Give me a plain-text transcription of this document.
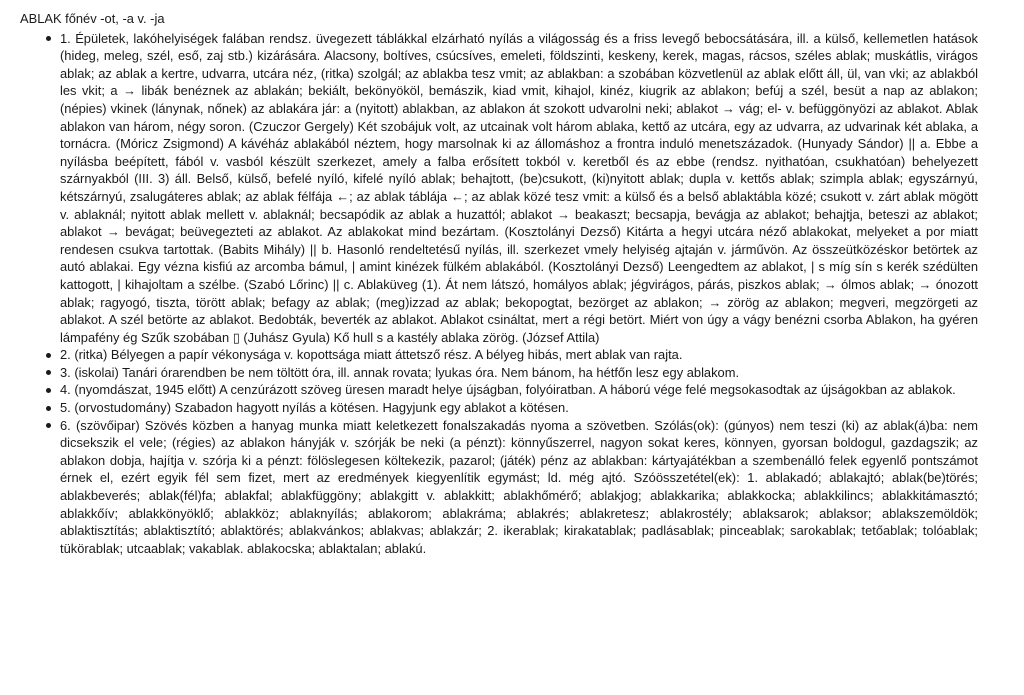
ABLAK főnév -ot, -a v. -ja
1. Épületek, lakóhelyiségek falában rendsz. üvegezett táblákkal elzárható nyílás a világosság és a friss levegő bebocsátására, ill. a külső, kellemetlen hatások (hideg, meleg, szél, eső, zaj stb.) kizárására. Alacsony, boltíves, csúcsíves, emeleti, földszinti, keskeny, kerek, magas, rácsos, széles ablak; muskátlis, virágos ablak; az ablak a kertre, udvarra, utcára néz, (ritka) szolgál; az ablakba tesz vmit; az ablakban: a szobában közvetlenül az ablak előtt áll, ül, van vki; az ablakból les vkit; a → libák benéznek az ablakán; bekiált, bekönyököl, bemászik, kiad vmit, kihajol, kinéz, kiugrik az ablakon; befúj a szél, besüt a nap az ablakon; (népies) vkinek (lánynak, nőnek) az ablakára jár: a (nyitott) ablakban, az ablakon át szokott udvarolni neki; ablakot → vág; el- v. befüggönyözi az ablakot. Ablak ablakon van három, négy soron. (Czuczor Gergely) Két szobájuk volt, az utcainak volt három ablaka, kettő az utcára, egy az udvarra, az udvarinak két ablaka, a tornácra. (Móricz Zsigmond) A kávéház ablakából néztem, hogy marsolnak ki az állomáshoz a frontra induló menetszázadok. (Hunyady Sándor) || a. Ebbe a nyílásba beépített, fából v. vasból készült szerkezet, amely a falba erősített tokból v. keretből és az ebbe (rendsz. nyithatóan, csukhatóan) behelyezett szárnyakból (III. 3) áll. Belső, külső, befelé nyíló, kifelé nyíló ablak; behajtott, (be)csukott, (ki)nyitott ablak; dupla v. kettős ablak; szimpla ablak; egyszárnyú, kétszárnyú, zsalugáteres ablak; az ablak félfája ←; az ablak táblája ←; az ablak közé tesz vmit: a külső és a belső ablaktábla közé; csukott v. zárt ablak mögött v. ablaknál; nyitott ablak mellett v. ablaknál; becsapódik az ablak a huzattól; ablakot → beakaszt; becsapja, bevágja az ablakot; behajtja, beteszi az ablakot; ablakot → bevágat; beüvegezteti az ablakot. Az ablakokat mind bezártam. (Kosztolányi Dezső) Kitárta a hegyi utcára néző ablakokat, melyeket a por miatt rendesen csukva tartottak. (Babits Mihály) || b. Hasonló rendeltetésű nyílás, ill. szerkezet vmely helyiség ajtaján v. járművön. Az összeütközéskor betörtek az autó ablakai. Egy vézna kisfiú az arcomba bámul, | amint kinézek fülkém ablakából. (Kosztolányi Dezső) Leengedtem az ablakot, | s míg sín s kerék szédülten kattogott, | kihajoltam a szélbe. (Szabó Lőrinc) || c. Ablaküveg (1). Át nem látszó, homályos ablak; jégvirágos, párás, piszkos ablak; → ólmos ablak; → ónozott ablak; ragyogó, tiszta, törött ablak; befagy az ablak; (meg)izzad az ablak; bekopogtat, bezörget az ablakon; → zörög az ablakon; megveri, megzörgeti az ablakot. A szél betörte az ablakot. Bedobták, beverték az ablakot. Ablakot csináltat, mert a régi betört. Miért von úgy a vágy benézni csorba Ablakon, ha gyéren lámpafény ég Szűk szobában ▯ (Juhász Gyula) Kő hull s a kastély ablaka zörög. (József Attila)
2. (ritka) Bélyegen a papír vékonysága v. kopottsága miatt áttetsző rész. A bélyeg hibás, mert ablak van rajta.
3. (iskolai) Tanári órarendben be nem töltött óra, ill. annak rovata; lyukas óra. Nem bánom, ha hétfőn lesz egy ablakom.
4. (nyomdászat, 1945 előtt) A cenzúrázott szöveg üresen maradt helye újságban, folyóiratban. A háború vége felé megsokasodtak az újságokban az ablakok.
5. (orvostudomány) Szabadon hagyott nyílás a kötésen. Hagyjunk egy ablakot a kötésen.
6. (szövőipar) Szövés közben a hanyag munka miatt keletkezett fonalszakadás nyoma a szövetben. Szólás(ok): (gúnyos) nem teszi (ki) az ablak(á)ba: nem dicsekszik el vele; (régies) az ablakon hányják v. szórják be neki (a pénzt): könnyűszerrel, nagyon sokat keres, könnyen, gyorsan boldogul, gazdagszik; az ablakon dobja, hajítja v. szórja ki a pénzt: fölöslegesen költekezik, pazarol; (játék) pénz az ablakban: kártyajátékban a szembenálló felek egyenlő pontszámot érnek el, ezért egyik fél sem fizet, mert az eredmények kiegyenlítik egymást; ld. még ajtó. Szóösszetétel(ek): 1. ablakadó; ablakajtó; ablak(be)törés; ablakbeverés; ablak(fél)fa; ablakfal; ablakfüggöny; ablakgitt v. ablakkitt; ablakhőmérő; ablakjog; ablakkarika; ablakkocka; ablakkilincs; ablakkitámasztó; ablakkőív; ablakkönyöklő; ablakköz; ablaknyílás; ablakorom; ablakráma; ablakrés; ablakretesz; ablakrostély; ablaksarok; ablaksor; ablakszemöldök; ablaktisztítás; ablaktisztító; ablaktörés; ablakvánkos; ablakvas; ablakzár; 2. ikerablak; kirakatablak; padlásablak; pinceablak; sarokablak; tetőablak; tolóablak; tükörablak; utcaablak; vakablak. ablakocska; ablaktalan; ablakú.
